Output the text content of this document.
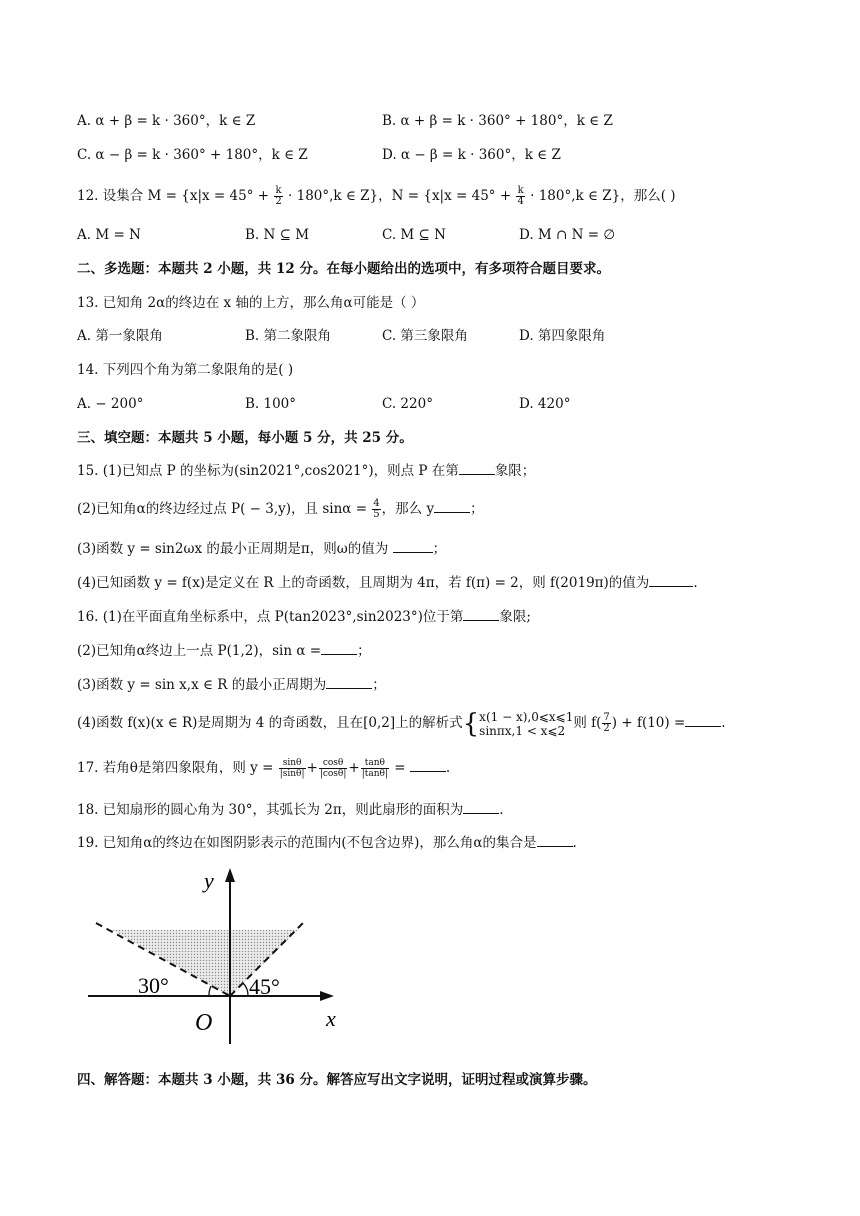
A. α + β = k · 360°，k ∈ Z	B. α + β = k · 360° + 180°，k ∈ Z
C. α − β = k · 360° + 180°，k ∈ Z	D. α − β = k · 360°，k ∈ Z
12. 设集合 $M = \{x|x = 45^\circ + \frac{k}{2} \cdot 180^\circ,k$ ∈ Z}，$N = \{x|x = 45^\circ + \frac{k}{4} \cdot 180^\circ,k$ ∈ Z}，那么( )
A. M = N	B. N ⊆ M	C. M ⊆ N	D. M ∩ N = ∅
二、多选题：本题共 2 小题，共 12 分。在每小题给出的选项中，有多项符合题目要求。
13. 已知角 2α的终边在 x 轴的上方，那么角α可能是（ ）
A. 第一象限角	B. 第二象限角	C. 第三象限角	D. 第四象限角
14. 下列四个角为第二象限角的是( )
A. − 200°	B. 100°	C. 220°	D. 420°
三、填空题：本题共 5 小题，每小题 5 分，共 25 分。
15. (1)已知点 P 的坐标为(sin2021°,cos2021°)，则点 P 在第	象限；
(2)已知角α的终边经过点 P( − 3,y)，且 $\sin\alpha = \frac{4}{5}$ ，那么 y	；
(3)函数 y = sin2ωx 的最小正周期是π，则ω的值为	；
(4)已知函数 y = f(x)是定义在 R 上的奇函数，且周期为 4π，若 f(π) = 2，则 f(2019π)的值为	.
16. (1)在平面直角坐标系中，点 P(tan2023°,sin2023°)位于第	象限;
(2)已知角α终边上一点 P(1,2)，sin α =	；
(3)函数 y = sin x,x ∈ R 的最小正周期为	；
(4)函数 f(x)(x ∈ R)是周期为 4 的奇函数，且在[0,2]上的解析式{ x(1 − x),0⩽x⩽1
sinπx,1 < x⩽2 则 $f( \frac{7}{2}$ ) + f(10) =	.
17. 若角θ是第四象限角，则 $y = \frac{\sin\theta}{|\sin\theta|} + \frac{\cos\theta}{|\cos\theta|} + \frac{\tan\theta}{|\tan\theta|}$ =	.
18. 已知扇形的圆心角为 30°，其弧长为 2π，则此扇形的面积为	.
19. 已知角α的终边在如图阴影表示的范围内(不包含边界)，那么角α的集合是	.
y
x
O
30°	45°
四、解答题：本题共 3 小题，共 36 分。解答应写出文字说明，证明过程或演算步骤。
